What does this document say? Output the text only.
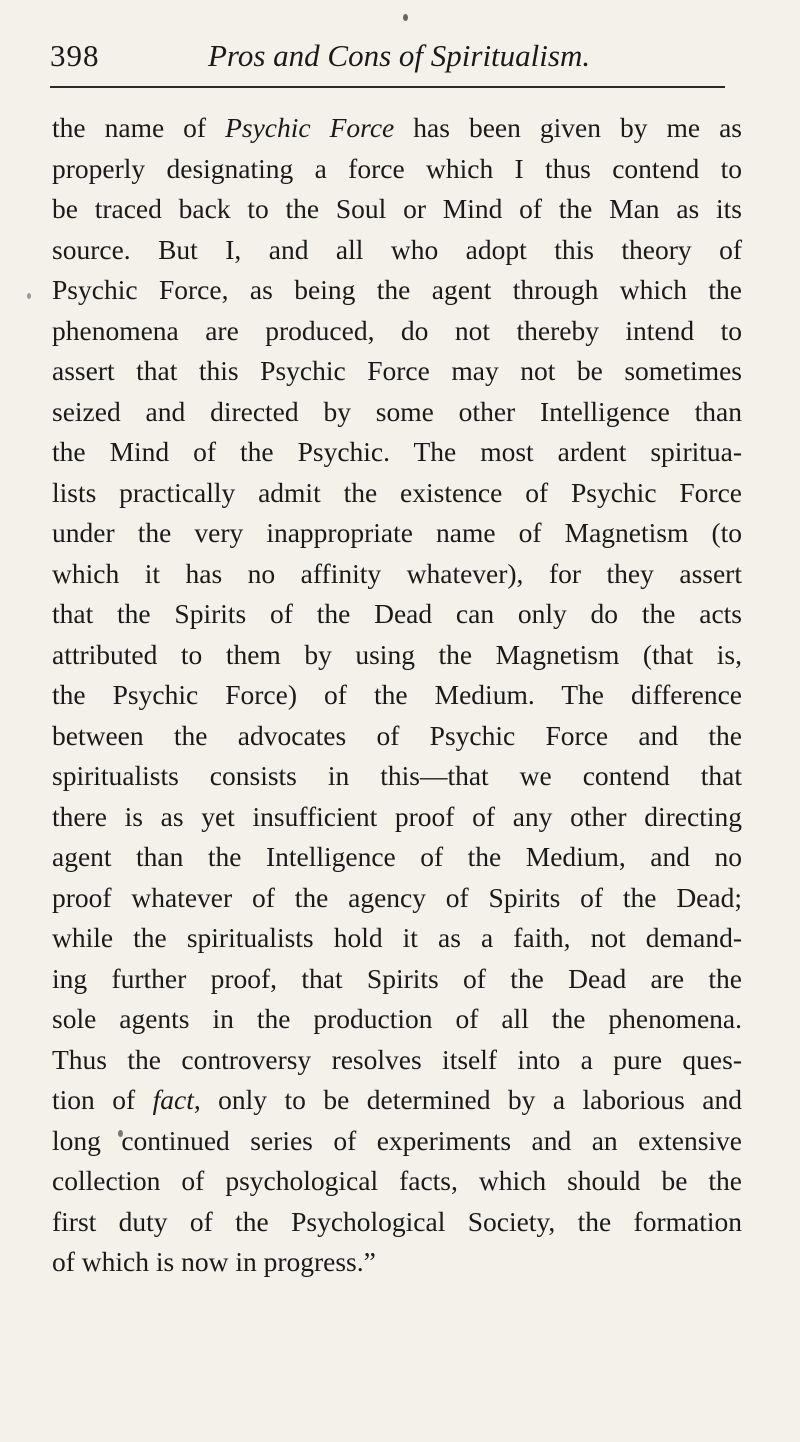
398	Pros and Cons of Spiritualism.
the name of Psychic Force has been given by me as
properly designating a force which I thus contend to
be traced back to the Soul or Mind of the Man as its
source. But I, and all who adopt this theory of
Psychic Force, as being the agent through which the
phenomena are produced, do not thereby intend to
assert that this Psychic Force may not be sometimes
seized and directed by some other Intelligence than
the Mind of the Psychic. The most ardent spiritua-
lists practically admit the existence of Psychic Force
under the very inappropriate name of Magnetism (to
which it has no affinity whatever), for they assert
that the Spirits of the Dead can only do the acts
attributed to them by using the Magnetism (that is,
the Psychic Force) of the Medium. The difference
between the advocates of Psychic Force and the
spiritualists consists in this—that we contend that
there is as yet insufficient proof of any other directing
agent than the Intelligence of the Medium, and no
proof whatever of the agency of Spirits of the Dead;
while the spiritualists hold it as a faith, not demand-
ing further proof, that Spirits of the Dead are the
sole agents in the production of all the phenomena.
Thus the controversy resolves itself into a pure ques-
tion of fact, only to be determined by a laborious and
long continued series of experiments and an extensive
collection of psychological facts, which should be the
first duty of the Psychological Society, the formation
of which is now in progress.”
